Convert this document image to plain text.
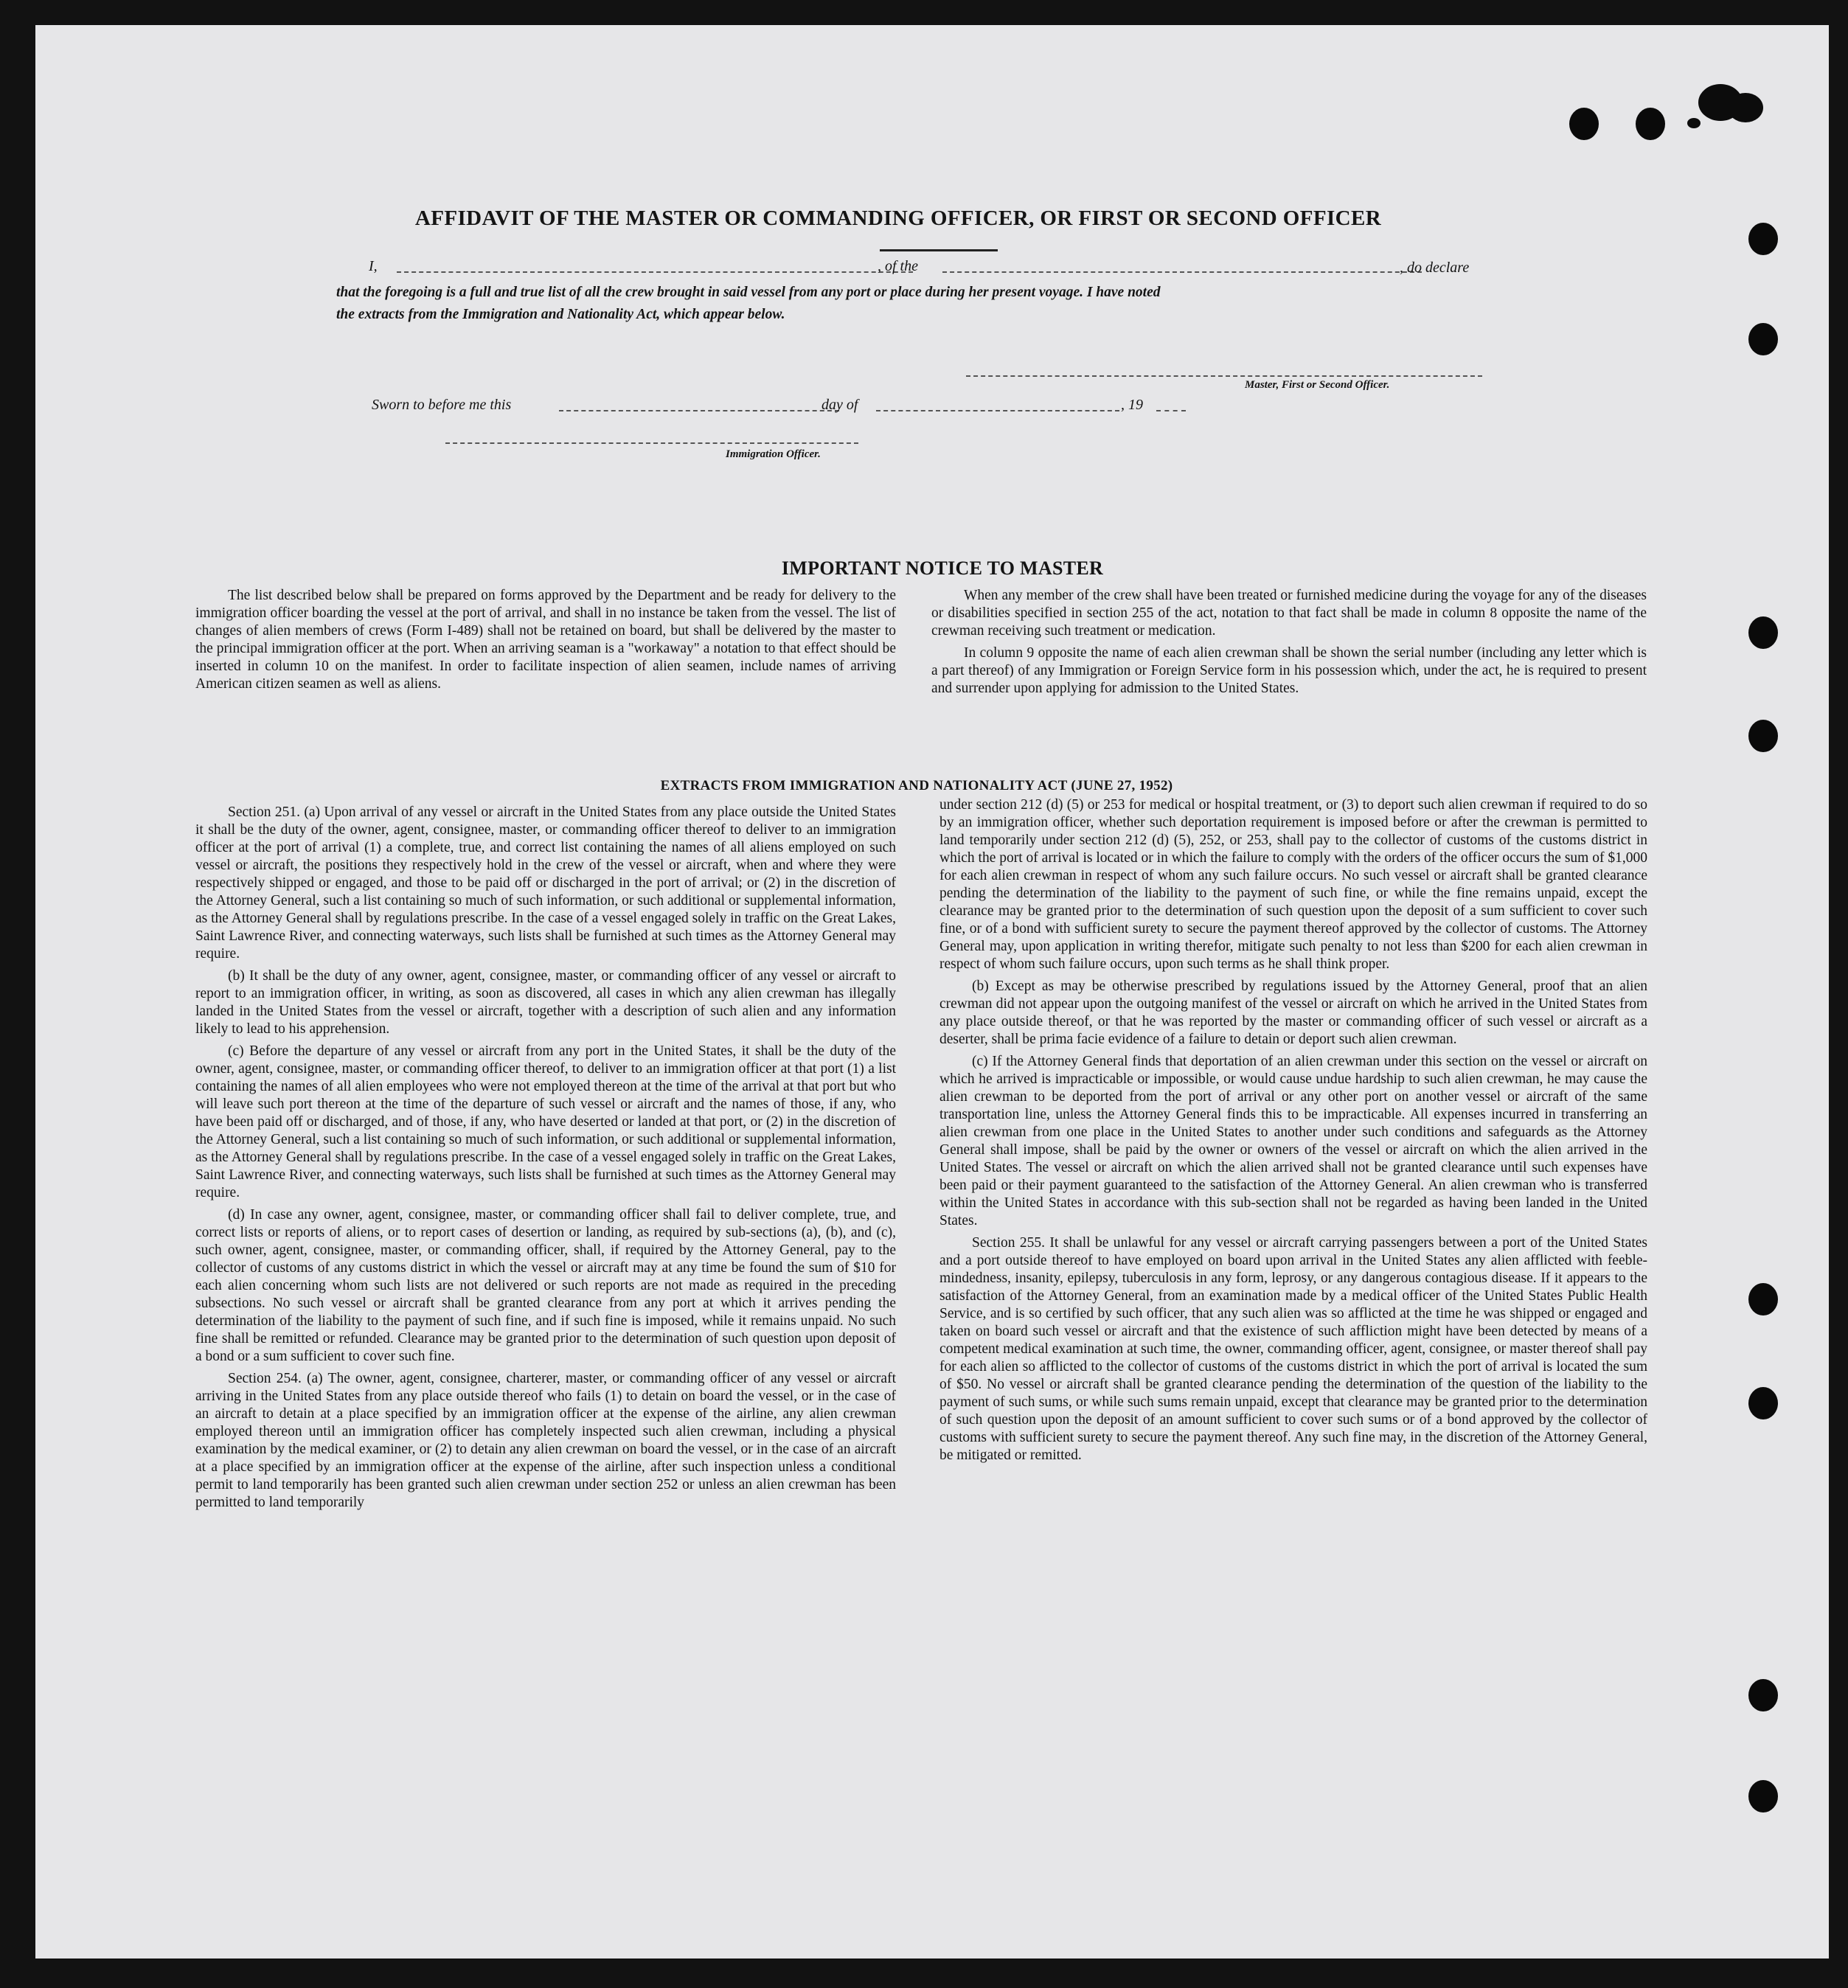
AFFIDAVIT OF THE MASTER OR COMMANDING OFFICER, OR FIRST OR SECOND OFFICER
I,	, of the	, do declare
that the foregoing is a full and true list of all the crew brought in said vessel from any port or place during her present voyage. I have noted
the extracts from the Immigration and Nationality Act, which appear below.
Master, First or Second Officer.
Sworn to before me this	day of	, 19
Immigration Officer.
IMPORTANT NOTICE TO MASTER

The list described below shall be prepared on forms approved by the Department and be ready for delivery to the immigration officer boarding the vessel at the port of arrival, and shall in no instance be taken from the vessel. The list of changes of alien members of crews (Form I-489) shall not be retained on board, but shall be delivered by the master to the principal immigration officer at the port. When an arriving seaman is a "workaway" a notation to that effect should be inserted in column 10 on the manifest. In order to facilitate inspection of alien seamen, include names of arriving American citizen seamen as well as aliens.

When any member of the crew shall have been treated or furnished medicine during the voyage for any of the diseases or disabilities specified in section 255 of the act, notation to that fact shall be made in column 8 opposite the name of the crewman receiving such treatment or medication.

In column 9 opposite the name of each alien crewman shall be shown the serial number (including any letter which is a part thereof) of any Immigration or Foreign Service form in his possession which, under the act, he is required to present and surrender upon applying for admission to the United States.

EXTRACTS FROM IMMIGRATION AND NATIONALITY ACT (JUNE 27, 1952)

Section 251. (a) Upon arrival of any vessel or aircraft in the United States from any place outside the United States it shall be the duty of the owner, agent, consignee, master, or commanding officer thereof to deliver to an immigration officer at the port of arrival (1) a complete, true, and correct list containing the names of all aliens employed on such vessel or aircraft, the positions they respectively hold in the crew of the vessel or aircraft, when and where they were respectively shipped or engaged, and those to be paid off or discharged in the port of arrival; or (2) in the discretion of the Attorney General, such a list containing so much of such information, or such additional or supplemental information, as the Attorney General shall by regulations prescribe. In the case of a vessel engaged solely in traffic on the Great Lakes, Saint Lawrence River, and connecting waterways, such lists shall be furnished at such times as the Attorney General may require.

(b) It shall be the duty of any owner, agent, consignee, master, or commanding officer of any vessel or aircraft to report to an immigration officer, in writing, as soon as discovered, all cases in which any alien crewman has illegally landed in the United States from the vessel or aircraft, together with a description of such alien and any information likely to lead to his apprehension.

(c) Before the departure of any vessel or aircraft from any port in the United States, it shall be the duty of the owner, agent, consignee, master, or commanding officer thereof, to deliver to an immigration officer at that port (1) a list containing the names of all alien employees who were not employed thereon at the time of the arrival at that port but who will leave such port thereon at the time of the departure of such vessel or aircraft and the names of those, if any, who have been paid off or discharged, and of those, if any, who have deserted or landed at that port, or (2) in the discretion of the Attorney General, such a list containing so much of such information, or such additional or supplemental information, as the Attorney General shall by regulations prescribe. In the case of a vessel engaged solely in traffic on the Great Lakes, Saint Lawrence River, and connecting waterways, such lists shall be furnished at such times as the Attorney General may require.

(d) In case any owner, agent, consignee, master, or commanding officer shall fail to deliver complete, true, and correct lists or reports of aliens, or to report cases of desertion or landing, as required by sub-sections (a), (b), and (c), such owner, agent, consignee, master, or commanding officer, shall, if required by the Attorney General, pay to the collector of customs of any customs district in which the vessel or aircraft may at any time be found the sum of $10 for each alien concerning whom such lists are not delivered or such reports are not made as required in the preceding subsections. No such vessel or aircraft shall be granted clearance from any port at which it arrives pending the determination of the liability to the payment of such fine, and if such fine is imposed, while it remains unpaid. No such fine shall be remitted or refunded. Clearance may be granted prior to the determination of such question upon deposit of a bond or a sum sufficient to cover such fine.

Section 254. (a) The owner, agent, consignee, charterer, master, or commanding officer of any vessel or aircraft arriving in the United States from any place outside thereof who fails (1) to detain on board the vessel, or in the case of an aircraft to detain at a place specified by an immigration officer at the expense of the airline, any alien crewman employed thereon until an immigration officer has completely inspected such alien crewman, including a physical examination by the medical examiner, or (2) to detain any alien crewman on board the vessel, or in the case of an aircraft at a place specified by an immigration officer at the expense of the airline, after such inspection unless a conditional permit to land temporarily has been granted such alien crewman under section 252 or unless an alien crewman has been permitted to land temporarily

under section 212 (d) (5) or 253 for medical or hospital treatment, or (3) to deport such alien crewman if required to do so by an immigration officer, whether such deportation requirement is imposed before or after the crewman is permitted to land temporarily under section 212 (d) (5), 252, or 253, shall pay to the collector of customs of the customs district in which the port of arrival is located or in which the failure to comply with the orders of the officer occurs the sum of $1,000 for each alien crewman in respect of whom any such failure occurs. No such vessel or aircraft shall be granted clearance pending the determination of the liability to the payment of such fine, or while the fine remains unpaid, except the clearance may be granted prior to the determination of such question upon the deposit of a sum sufficient to cover such fine, or of a bond with sufficient surety to secure the payment thereof approved by the collector of customs. The Attorney General may, upon application in writing therefor, mitigate such penalty to not less than $200 for each alien crewman in respect of whom such failure occurs, upon such terms as he shall think proper.

(b) Except as may be otherwise prescribed by regulations issued by the Attorney General, proof that an alien crewman did not appear upon the outgoing manifest of the vessel or aircraft on which he arrived in the United States from any place outside thereof, or that he was reported by the master or commanding officer of such vessel or aircraft as a deserter, shall be prima facie evidence of a failure to detain or deport such alien crewman.

(c) If the Attorney General finds that deportation of an alien crewman under this section on the vessel or aircraft on which he arrived is impracticable or impossible, or would cause undue hardship to such alien crewman, he may cause the alien crewman to be deported from the port of arrival or any other port on another vessel or aircraft of the same transportation line, unless the Attorney General finds this to be impracticable. All expenses incurred in transferring an alien crewman from one place in the United States to another under such conditions and safeguards as the Attorney General shall impose, shall be paid by the owner or owners of the vessel or aircraft on which the alien arrived in the United States. The vessel or aircraft on which the alien arrived shall not be granted clearance until such expenses have been paid or their payment guaranteed to the satisfaction of the Attorney General. An alien crewman who is transferred within the United States in accordance with this sub-section shall not be regarded as having been landed in the United States.

Section 255. It shall be unlawful for any vessel or aircraft carrying passengers between a port of the United States and a port outside thereof to have employed on board upon arrival in the United States any alien afflicted with feeble-mindedness, insanity, epilepsy, tuberculosis in any form, leprosy, or any dangerous contagious disease. If it appears to the satisfaction of the Attorney General, from an examination made by a medical officer of the United States Public Health Service, and is so certified by such officer, that any such alien was so afflicted at the time he was shipped or engaged and taken on board such vessel or aircraft and that the existence of such affliction might have been detected by means of a competent medical examination at such time, the owner, commanding officer, agent, consignee, or master thereof shall pay for each alien so afflicted to the collector of customs of the customs district in which the port of arrival is located the sum of $50. No vessel or aircraft shall be granted clearance pending the determination of the question of the liability to the payment of such sums, or while such sums remain unpaid, except that clearance may be granted prior to the determination of such question upon the deposit of an amount sufficient to cover such sums or of a bond approved by the collector of customs with sufficient surety to secure the payment thereof. Any such fine may, in the discretion of the Attorney General, be mitigated or remitted.
